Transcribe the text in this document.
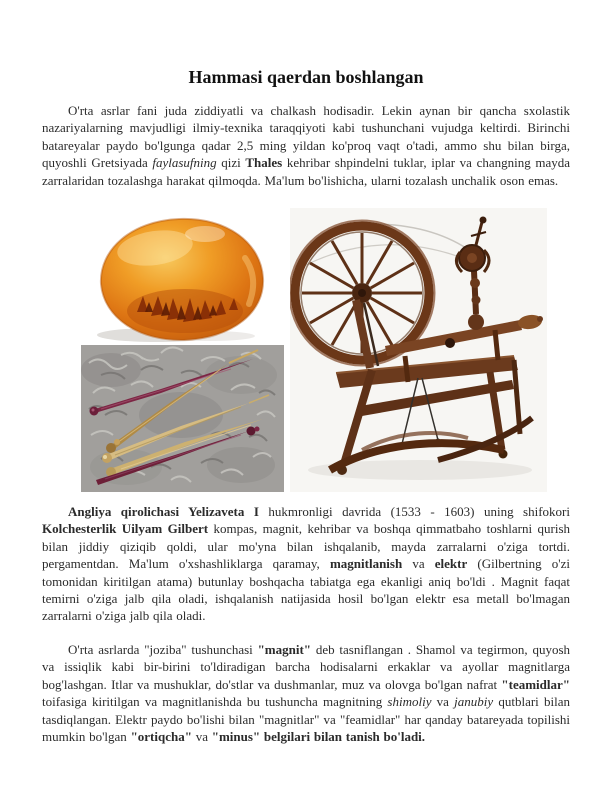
Hammasi qaerdan boshlangan

O'rta asrlar fani juda ziddiyatli va chalkash hodisadir. Lekin aynan bir qancha sxolastik nazariyalarning mavjudligi ilmiy-texnika taraqqiyoti kabi tushunchani vujudga keltirdi. Birinchi batareyalar paydo bo'lgunga qadar 2,5 ming yildan ko'proq vaqt o'tadi, ammo shu bilan birga, quyoshli Gretsiyada faylasufning qizi Thales kehribar shpindelni tuklar, iplar va changning mayda zarralaridan tozalashga harakat qilmoqda. Ma'lum bo'lishicha, ularni tozalash unchalik oson emas.

Angliya qirolichasi Yelizaveta I hukmronligi davrida (1533 - 1603) uning shifokori Kolchesterlik Uilyam Gilbert kompas, magnit, kehribar va boshqa qimmatbaho toshlarni qurish bilan jiddiy qiziqib qoldi, ular mo'yna bilan ishqalanib, mayda zarralarni o'ziga tortdi. pergamentdan. Ma'lum o'xshashliklarga qaramay, magnitlanish va elektr (Gilbertning o'zi tomonidan kiritilgan atama) butunlay boshqacha tabiatga ega ekanligi aniq bo'ldi . Magnit faqat temirni o'ziga jalb qila oladi, ishqalanish natijasida hosil bo'lgan elektr esa metall bo'lmagan zarralarni o'ziga jalb qila oladi.

O'rta asrlarda "joziba" tushunchasi "magnit" deb tasniflangan . Shamol va tegirmon, quyosh va issiqlik kabi bir-birini to'ldiradigan barcha hodisalarni erkaklar va ayollar magnitlarga bog'lashgan. Itlar va mushuklar, do'stlar va dushmanlar, muz va olovga bo'lgan nafrat "teamidlar" toifasiga kiritilgan va magnitlanishda bu tushuncha magnitning shimoliy va janubiy qutblari bilan tasdiqlangan. Elektr paydo bo'lishi bilan "magnitlar" va "feamidlar" har qanday batareyada topilishi mumkin bo'lgan "ortiqcha" va "minus" belgilari bilan tanish bo'ladi.
